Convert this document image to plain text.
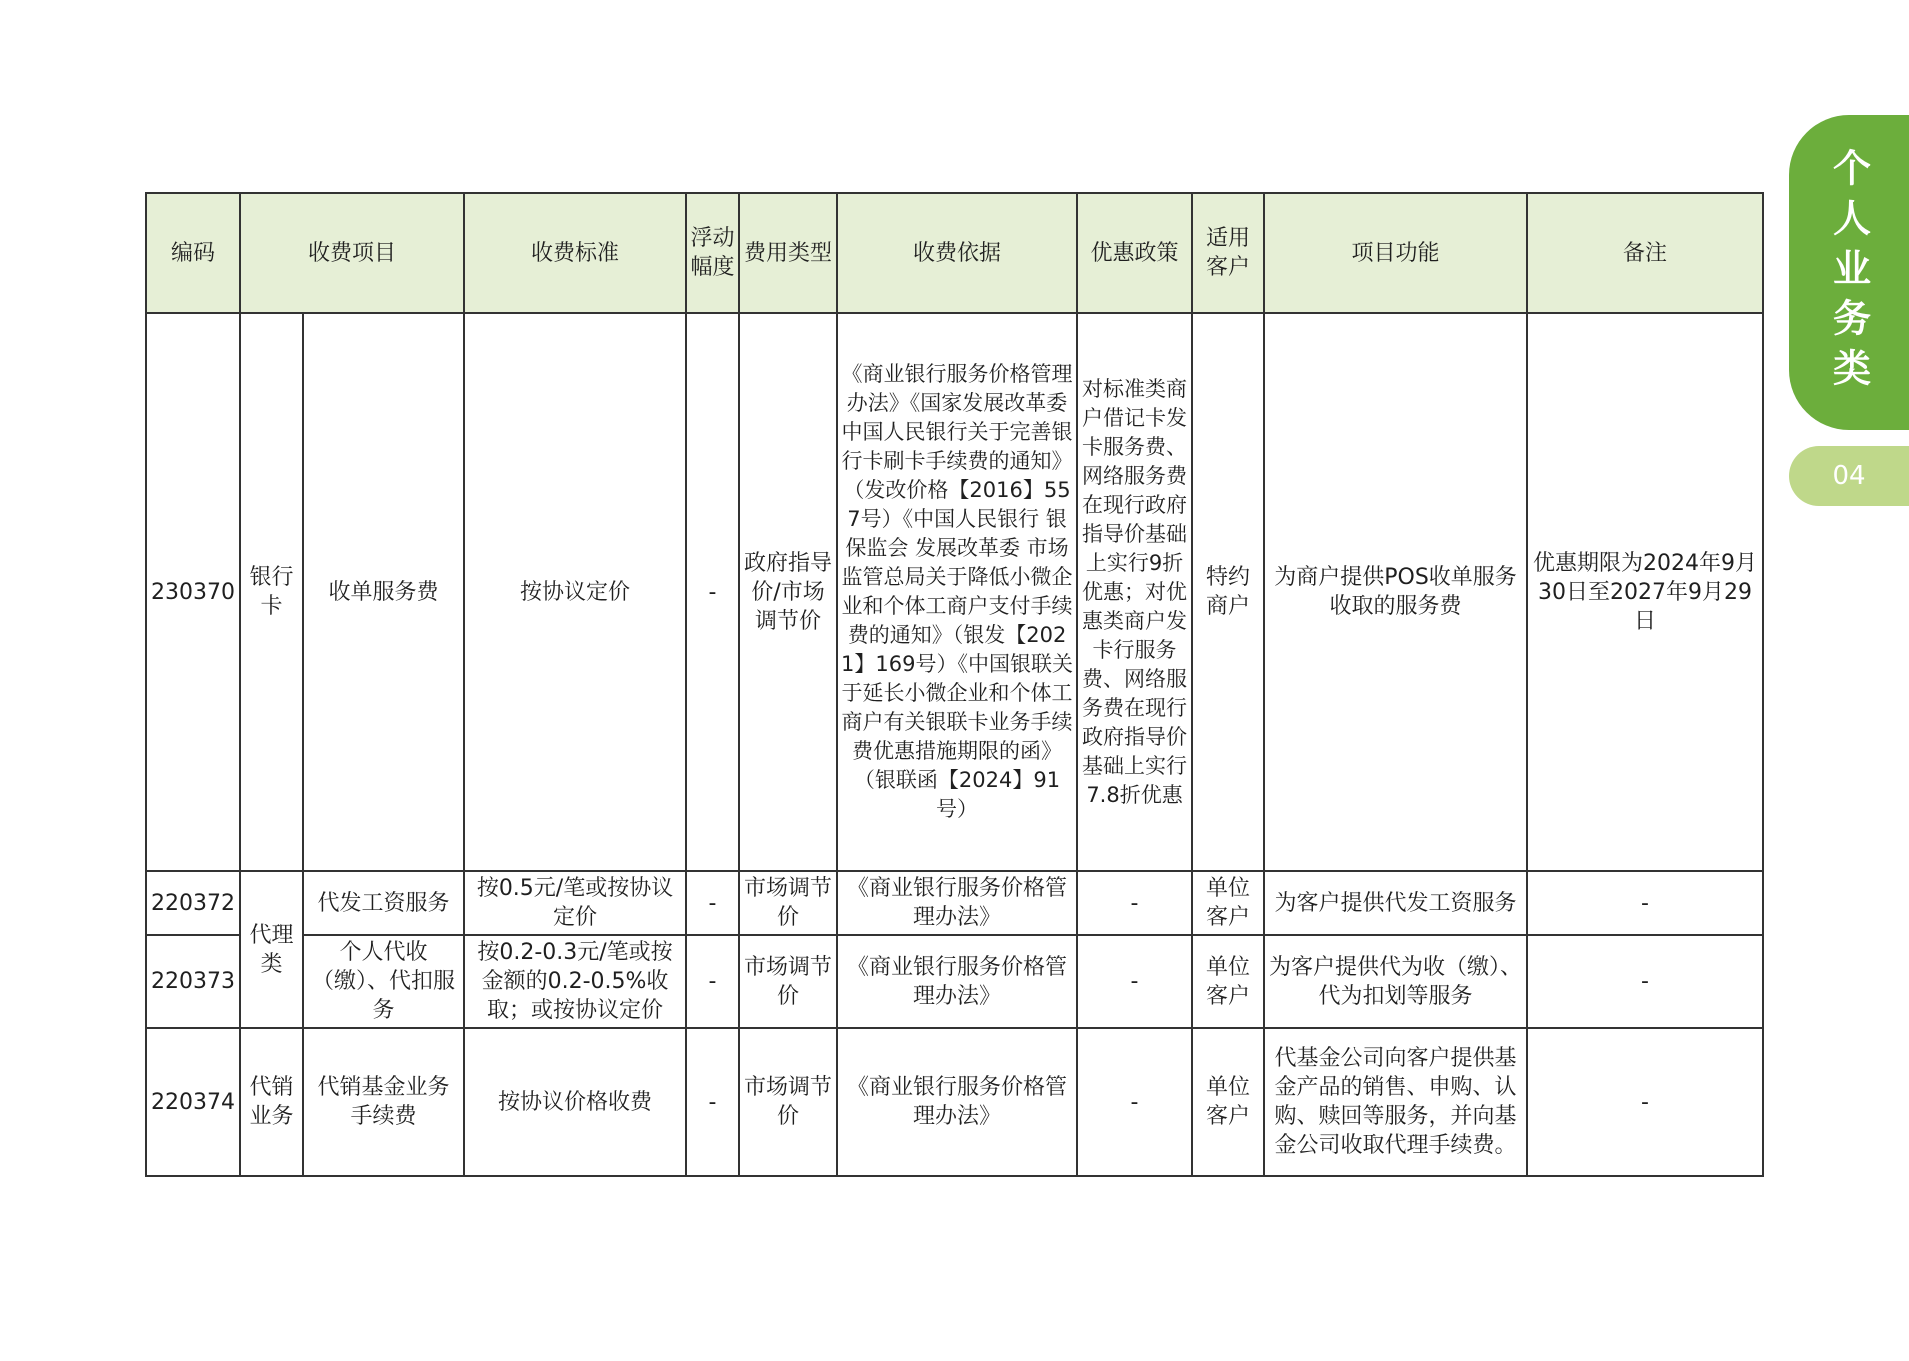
个人业务类
04
编码	收费项目		收费标准	浮动幅度	费用类型	收费依据	优惠政策	适用客户	项目功能	备注
230370	银行卡	收单服务费	按协议定价	-	政府指导价/市场调节价	《商业银行服务价格管理办法》《国家发展改革委 中国人民银行关于完善银行卡刷卡手续费的通知》（发改价格【2016】557号）《中国人民银行 银保监会 发展改革委 市场监管总局关于降低小微企业和个体工商户支付手续费的通知》（银发【2021】169号）《中国银联关于延长小微企业和个体工商户有关银联卡业务手续费优惠措施期限的函》（银联函【2024】91号）	对标准类商户借记卡发卡服务费、网络服务费在现行政府指导价基础上实行9折优惠；对优惠类商户发卡行服务费、网络服务费在现行政府指导价基础上实行7.8折优惠	特约商户	为商户提供POS收单服务收取的服务费	优惠期限为2024年9月30日至2027年9月29日
220372	代理类	代发工资服务	按0.5元/笔或按协议定价	-	市场调节价	《商业银行服务价格管理办法》	-	单位客户	为客户提供代发工资服务	-
220373		个人代收（缴）、代扣服务	按0.2-0.3元/笔或按金额的0.2-0.5%收取；或按协议定价	-	市场调节价	《商业银行服务价格管理办法》	-	单位客户	为客户提供代为收（缴）、代为扣划等服务	-
220374	代销业务	代销基金业务手续费	按协议价格收费	-	市场调节价	《商业银行服务价格管理办法》	-	单位客户	代基金公司向客户提供基金产品的销售、申购、认购、赎回等服务，并向基金公司收取代理手续费。	-
